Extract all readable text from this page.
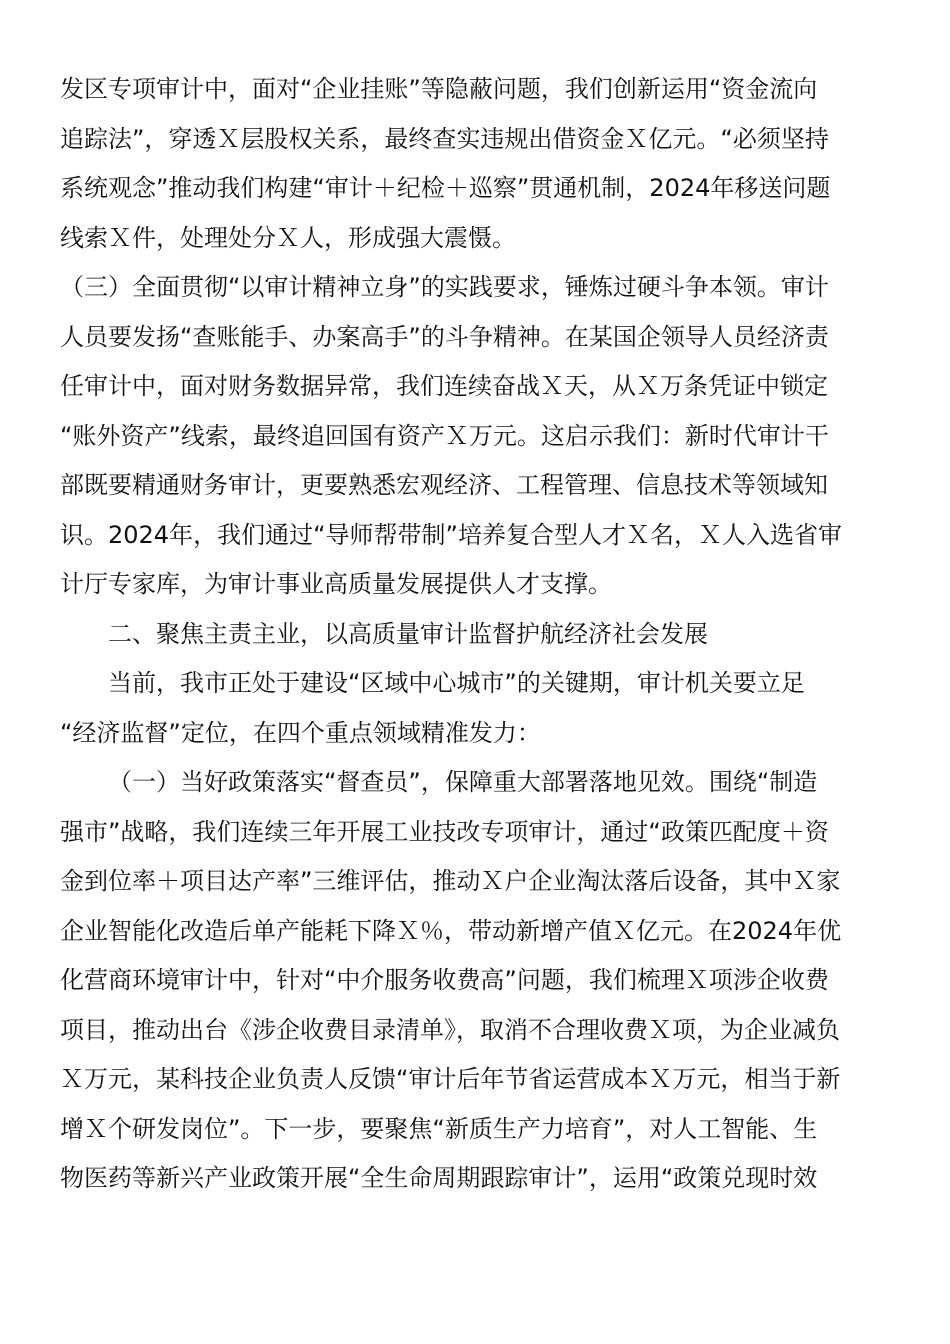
发区专项审计中，面对“企业挂账”等隐蔽问题，我们创新运用“资金流向
追踪法”，穿透Ｘ层股权关系，最终查实违规出借资金Ｘ亿元。“必须坚持
系统观念”推动我们构建“审计＋纪检＋巡察”贯通机制，2024年移送问题
线索Ｘ件，处理处分Ｘ人，形成强大震慑。
（三）全面贯彻“以审计精神立身”的实践要求，锤炼过硬斗争本领。审计
人员要发扬“查账能手、办案高手”的斗争精神。在某国企领导人员经济责
任审计中，面对财务数据异常，我们连续奋战Ｘ天，从Ｘ万条凭证中锁定
“账外资产”线索，最终追回国有资产Ｘ万元。这启示我们：新时代审计干
部既要精通财务审计，更要熟悉宏观经济、工程管理、信息技术等领域知
识。2024年，我们通过“导师帮带制”培养复合型人才Ｘ名，Ｘ人入选省审
计厅专家库，为审计事业高质量发展提供人才支撑。
二、聚焦主责主业，以高质量审计监督护航经济社会发展
当前，我市正处于建设“区域中心城市”的关键期，审计机关要立足
“经济监督”定位，在四个重点领域精准发力：
（一）当好政策落实“督查员”，保障重大部署落地见效。围绕“制造
强市”战略，我们连续三年开展工业技改专项审计，通过“政策匹配度＋资
金到位率＋项目达产率”三维评估，推动Ｘ户企业淘汰落后设备，其中Ｘ家
企业智能化改造后单产能耗下降Ｘ％，带动新增产值Ｘ亿元。在2024年优
化营商环境审计中，针对“中介服务收费高”问题，我们梳理Ｘ项涉企收费
项目，推动出台《涉企收费目录清单》，取消不合理收费Ｘ项，为企业减负
Ｘ万元，某科技企业负责人反馈“审计后年节省运营成本Ｘ万元，相当于新
增Ｘ个研发岗位”。下一步，要聚焦“新质生产力培育”，对人工智能、生
物医药等新兴产业政策开展“全生命周期跟踪审计”，运用“政策兑现时效
